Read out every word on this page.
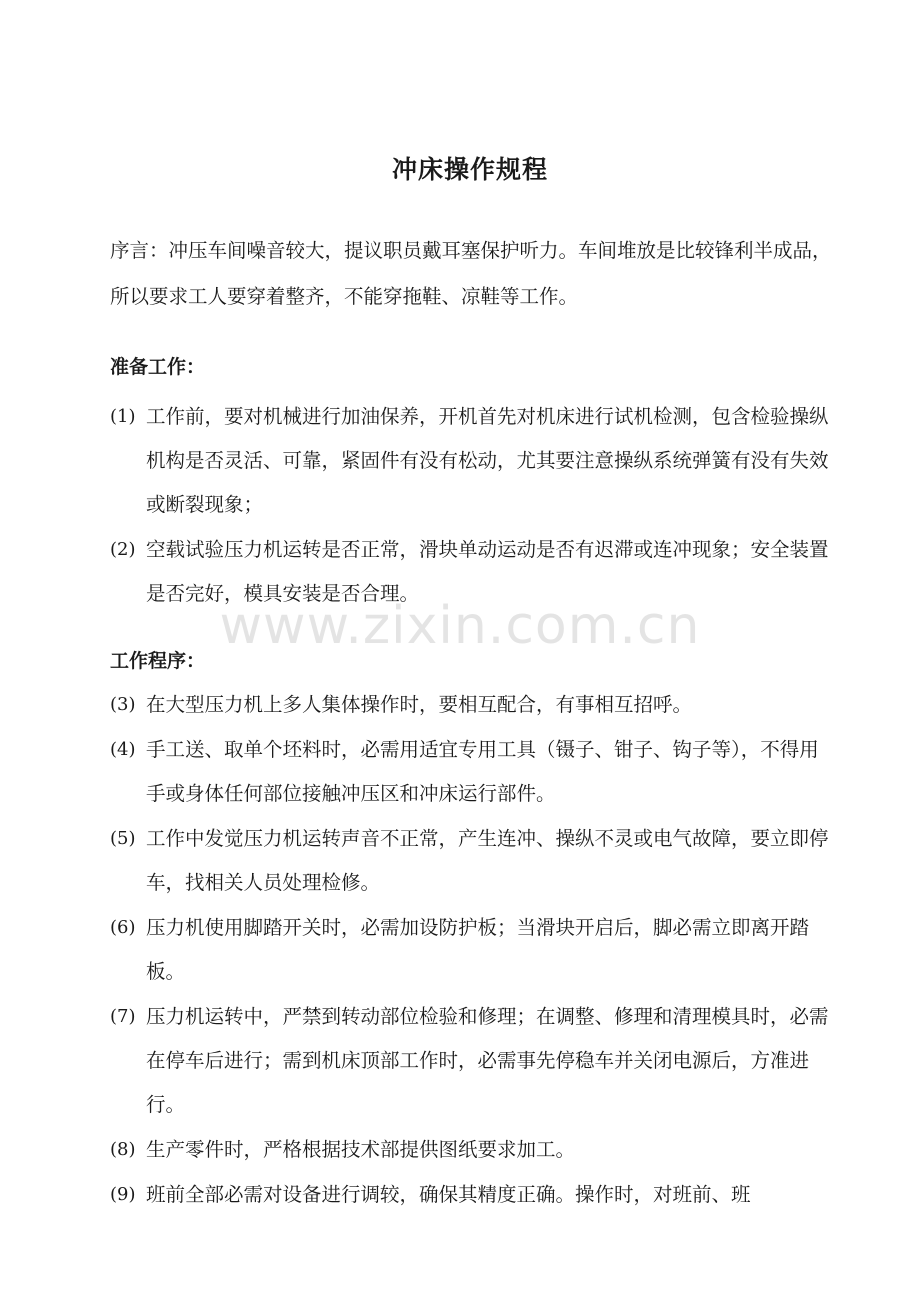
www.zixin.com.cn
冲床操作规程
序言：冲压车间噪音较大，提议职员戴耳塞保护听力。车间堆放是比较锋利半成品，所以要求工人要穿着整齐，不能穿拖鞋、凉鞋等工作。
准备工作：
(1) 工作前，要对机械进行加油保养，开机首先对机床进行试机检测，包含检验操纵机构是否灵活、可靠，紧固件有没有松动，尤其要注意操纵系统弹簧有没有失效或断裂现象；
(2) 空载试验压力机运转是否正常，滑块单动运动是否有迟滞或连冲现象；安全装置是否完好，模具安装是否合理。
工作程序：
(3) 在大型压力机上多人集体操作时，要相互配合，有事相互招呼。
(4) 手工送、取单个坯料时，必需用适宜专用工具（镊子、钳子、钩子等），不得用手或身体任何部位接触冲压区和冲床运行部件。
(5) 工作中发觉压力机运转声音不正常，产生连冲、操纵不灵或电气故障，要立即停车，找相关人员处理检修。
(6) 压力机使用脚踏开关时，必需加设防护板；当滑块开启后，脚必需立即离开踏板。
(7) 压力机运转中，严禁到转动部位检验和修理；在调整、修理和清理模具时，必需在停车后进行；需到机床顶部工作时，必需事先停稳车并关闭电源后，方准进行。
(8) 生产零件时，严格根据技术部提供图纸要求加工。
(9) 班前全部必需对设备进行调较，确保其精度正确。操作时，对班前、班
